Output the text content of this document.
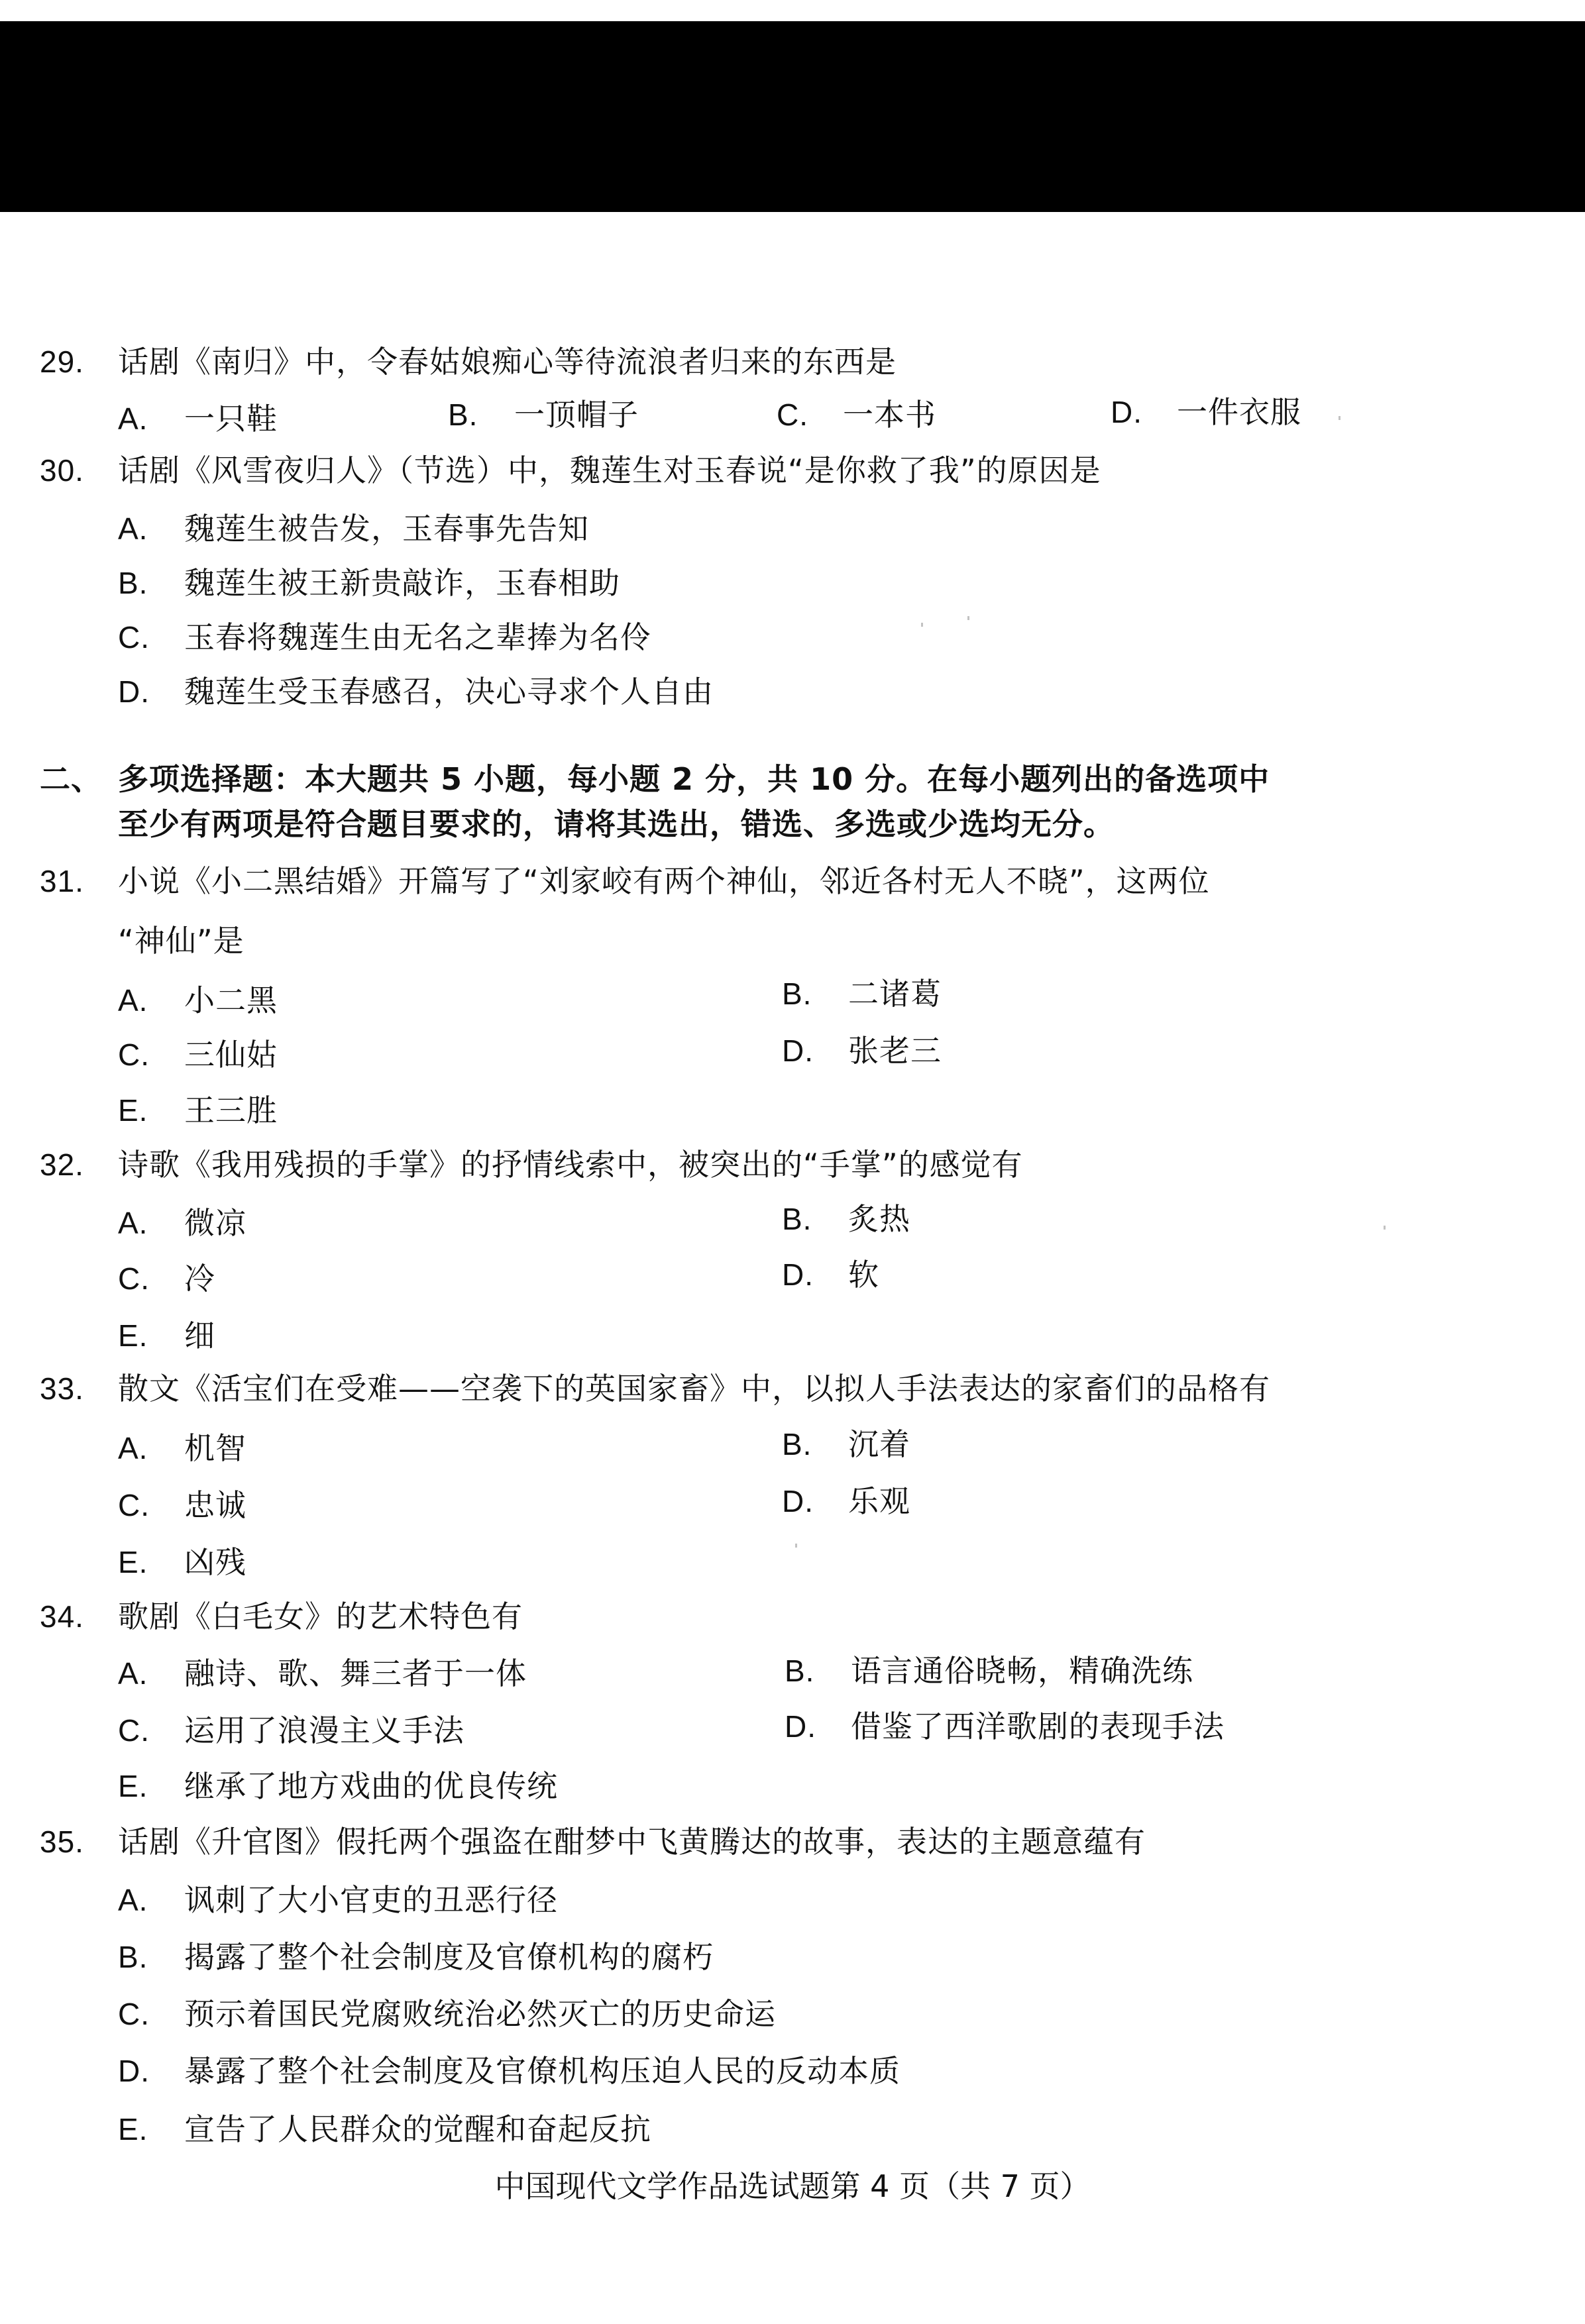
29. 话剧《南归》中，令春姑娘痴心等待流浪者归来的东西是
A. 一只鞋	B. 一顶帽子	C. 一本书	D. 一件衣服
30. 话剧《风雪夜归人》（节选）中，魏莲生对玉春说“是你救了我”的原因是
A. 魏莲生被告发，玉春事先告知
B. 魏莲生被王新贵敲诈，玉春相助
C. 玉春将魏莲生由无名之辈捧为名伶
D. 魏莲生受玉春感召，决心寻求个人自由
二、 多项选择题：本大题共 5 小题，每小题 2 分，共 10 分。在每小题列出的备选项中
至少有两项是符合题目要求的，请将其选出，错选、多选或少选均无分。
31. 小说《小二黑结婚》开篇写了“刘家峧有两个神仙，邻近各村无人不晓”，这两位
“神仙”是
A. 小二黑	B. 二诸葛
C. 三仙姑	D. 张老三
E. 王三胜
32. 诗歌《我用残损的手掌》的抒情线索中，被突出的“手掌”的感觉有
A. 微凉	B. 炙热
C. 冷	D. 软
E. 细
33. 散文《活宝们在受难——空袭下的英国家畜》中，以拟人手法表达的家畜们的品格有
A. 机智	B. 沉着
C. 忠诚	D. 乐观
E. 凶残
34. 歌剧《白毛女》的艺术特色有
A. 融诗、歌、舞三者于一体	B. 语言通俗晓畅，精确洗练
C. 运用了浪漫主义手法	D. 借鉴了西洋歌剧的表现手法
E. 继承了地方戏曲的优良传统
35. 话剧《升官图》假托两个强盗在酣梦中飞黄腾达的故事，表达的主题意蕴有
A. 讽刺了大小官吏的丑恶行径
B. 揭露了整个社会制度及官僚机构的腐朽
C. 预示着国民党腐败统治必然灭亡的历史命运
D. 暴露了整个社会制度及官僚机构压迫人民的反动本质
E. 宣告了人民群众的觉醒和奋起反抗
中国现代文学作品选试题第 4 页（共 7 页）
